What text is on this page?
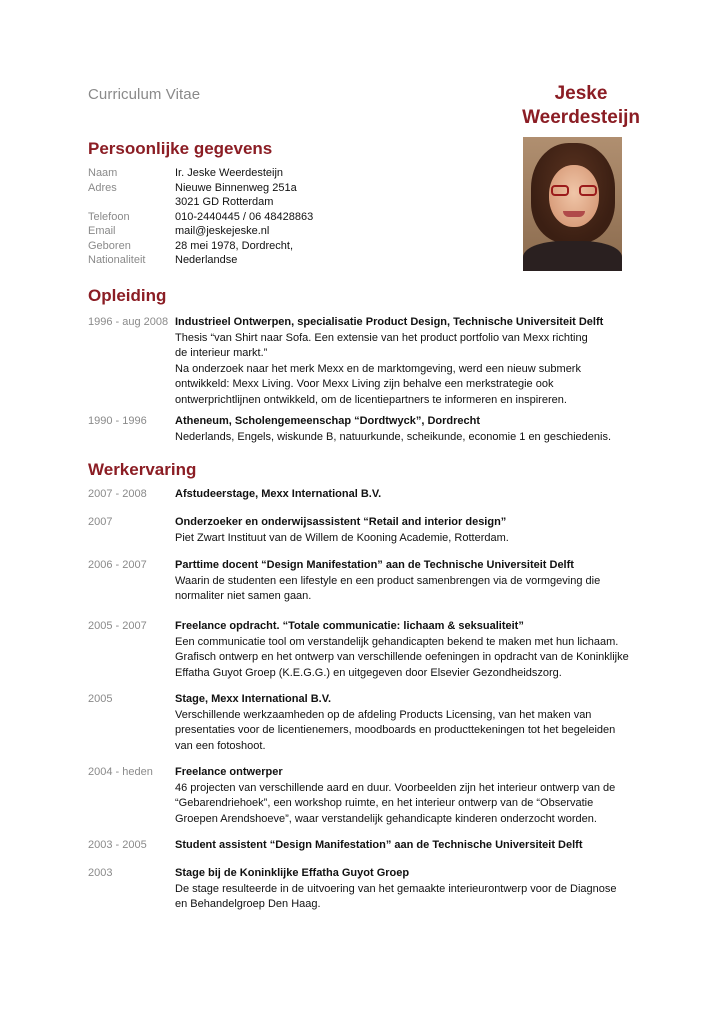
Curriculum Vitae	Jeske
Weerdesteijn
Persoonlijke gegevens
Naam	Ir. Jeske Weerdesteijn
Adres	Nieuwe Binnenweg 251a
3021 GD Rotterdam
Telefoon	010-2440445 / 06 48428863
Email	mail@jeskejeske.nl
Geboren	28 mei 1978, Dordrecht,
Nationaliteit	Nederlandse
Opleiding
1996 - aug 2008 Industrieel Ontwerpen, specialisatie Product Design, Technische Universiteit Delft
Thesis “van Shirt naar Sofa. Een extensie van het product portfolio van Mexx richting
de interieur markt.”
Na onderzoek naar het merk Mexx en de marktomgeving, werd een nieuw submerk
ontwikkeld: Mexx Living. Voor Mexx Living zijn behalve een merkstrategie ook
ontwerprichtlijnen ontwikkeld, om de licentiepartners te informeren en inspireren.
1990 - 1996	Atheneum, Scholengemeenschap “Dordtwyck”, Dordrecht
Nederlands, Engels, wiskunde B, natuurkunde, scheikunde, economie 1 en geschiedenis.
Werkervaring
2007 - 2008	Afstudeerstage, Mexx International B.V.
2007	Onderzoeker en onderwijsassistent “Retail and interior design”
Piet Zwart Instituut van de Willem de Kooning Academie, Rotterdam.
2006 - 2007	Parttime docent “Design Manifestation” aan de Technische Universiteit Delft
Waarin de studenten een lifestyle en een product samenbrengen via de vormgeving die
normaliter niet samen gaan.
2005 - 2007	Freelance opdracht. “Totale communicatie: lichaam & seksualiteit”
Een communicatie tool om verstandelijk gehandicapten bekend te maken met hun lichaam.
Grafisch ontwerp en het ontwerp van verschillende oefeningen in opdracht van de Koninklijke
Effatha Guyot Groep (K.E.G.G.) en uitgegeven door Elsevier Gezondheidszorg.
2005	Stage, Mexx International B.V.
Verschillende werkzaamheden op de afdeling Products Licensing, van het maken van
presentaties voor de licentienemers, moodboards en producttekeningen tot het begeleiden
van een fotoshoot.
2004 - heden	Freelance ontwerper
46 projecten van verschillende aard en duur. Voorbeelden zijn het interieur ontwerp van de
“Gebarendriehoek”, een workshop ruimte, en het interieur ontwerp van de “Observatie
Groepen Arendshoeve”, waar verstandelijk gehandicapte kinderen onderzocht worden.
2003 - 2005	Student assistent “Design Manifestation” aan de Technische Universiteit Delft
2003	Stage bij de Koninklijke Effatha Guyot Groep
De stage resulteerde in de uitvoering van het gemaakte interieurontwerp voor de Diagnose
en Behandelgroep Den Haag.
